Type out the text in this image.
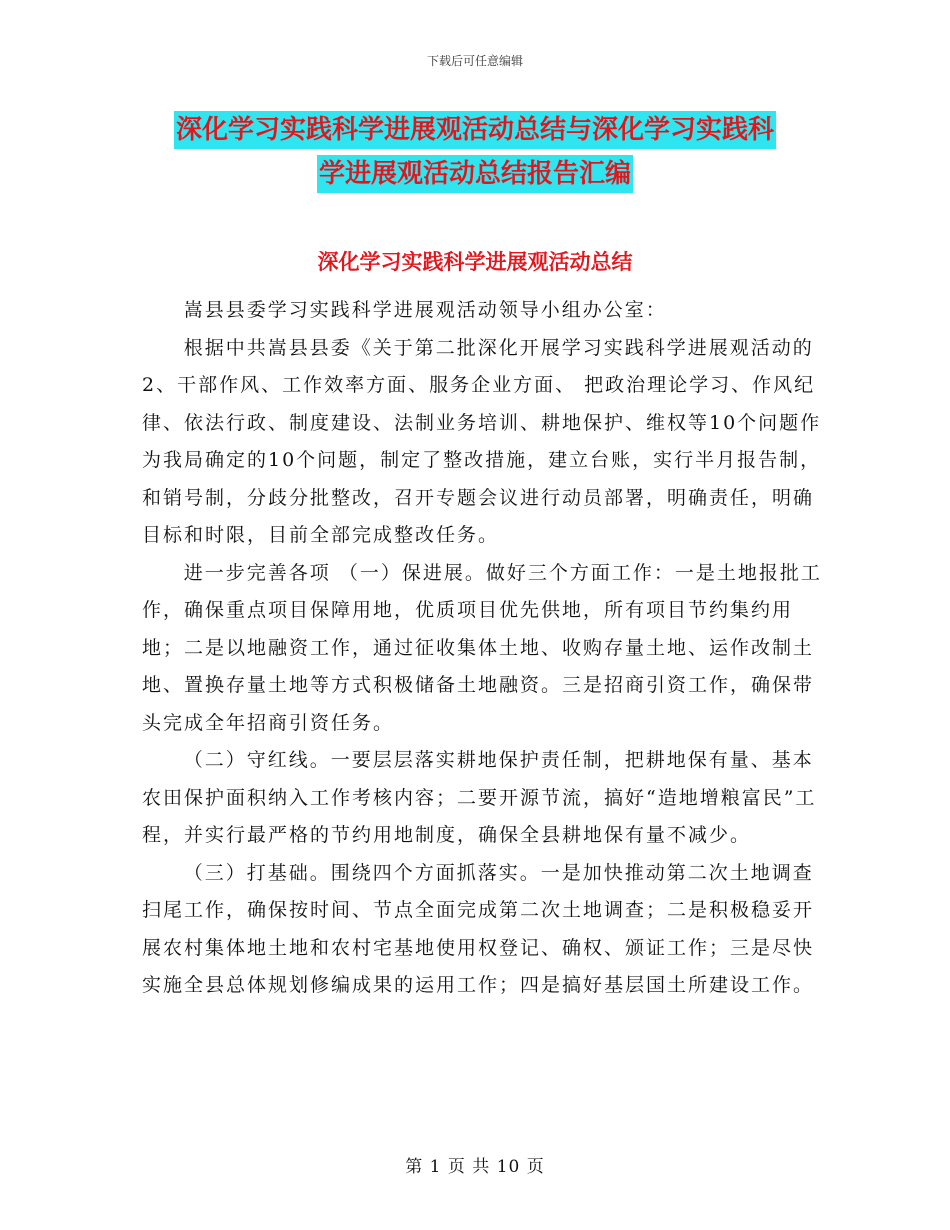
下载后可任意编辑
深化学习实践科学进展观活动总结与深化学习实践科
学进展观活动总结报告汇编
深化学习实践科学进展观活动总结

嵩县县委学习实践科学进展观活动领导小组办公室：

根据中共嵩县县委《关于第二批深化开展学习实践科学进展观活动的 2、干部作风、工作效率方面、服务企业方面、 把政治理论学习、作风纪律、依法行政、制度建设、法制业务培训、耕地保护、维权等10个问题作为我局确定的10个问题，制定了整改措施，建立台账，实行半月报告制，和销号制，分歧分批整改，召开专题会议进行动员部署，明确责任，明确目标和时限，目前全部完成整改任务。

进一步完善各项 （一）保进展。做好三个方面工作：一是土地报批工作，确保重点项目保障用地，优质项目优先供地，所有项目节约集约用地；二是以地融资工作，通过征收集体土地、收购存量土地、运作改制土地、置换存量土地等方式积极储备土地融资。三是招商引资工作，确保带头完成全年招商引资任务。

（二）守红线。一要层层落实耕地保护责任制，把耕地保有量、基本农田保护面积纳入工作考核内容；二要开源节流，搞好“造地增粮富民”工程，并实行最严格的节约用地制度，确保全县耕地保有量不减少。

（三）打基础。围绕四个方面抓落实。一是加快推动第二次土地调查扫尾工作，确保按时间、节点全面完成第二次土地调查；二是积极稳妥开展农村集体地土地和农村宅基地使用权登记、确权、颁证工作；三是尽快实施全县总体规划修编成果的运用工作；四是搞好基层国土所建设工作。

第 1 页 共 10 页
